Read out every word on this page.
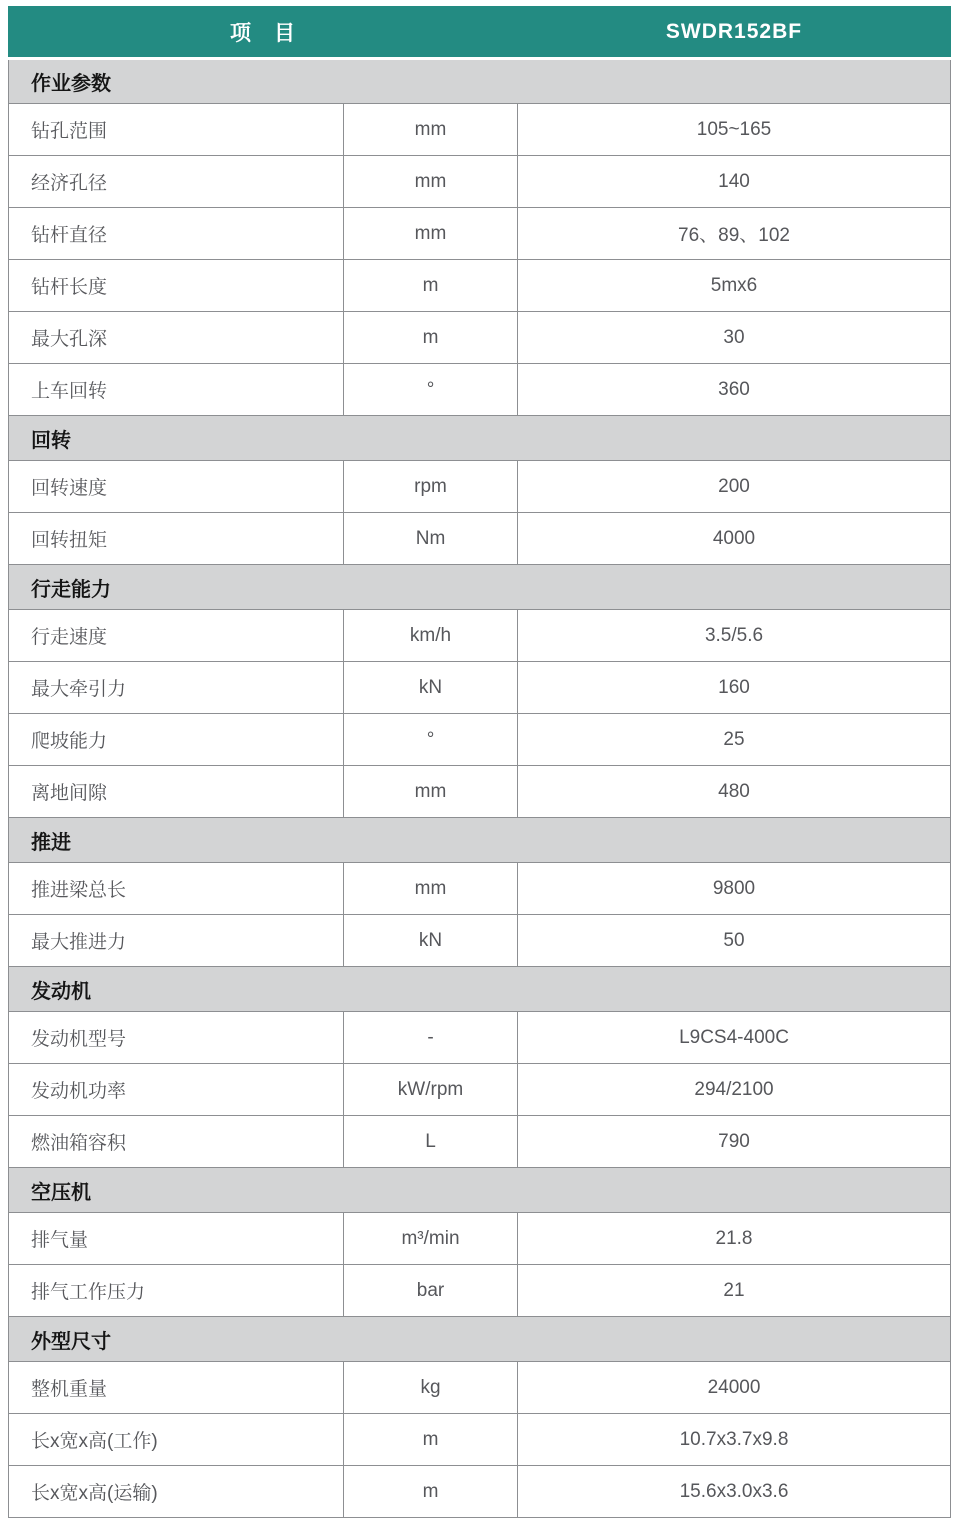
项　目		SWDR152BF
作业参数		
钻孔范围	mm	105~165
经济孔径	mm	140
钻杆直径	mm	76、89、102
钻杆长度	m	5mx6
最大孔深	m	30
上车回转	°	360
回转		
回转速度	rpm	200
回转扭矩	Nm	4000
行走能力		
行走速度	km/h	3.5/5.6
最大牵引力	kN	160
爬坡能力	°	25
离地间隙	mm	480
推进		
推进梁总长	mm	9800
最大推进力	kN	50
发动机		
发动机型号	-	L9CS4-400C
发动机功率	kW/rpm	294/2100
燃油箱容积	L	790
空压机		
排气量	m³/min	21.8
排气工作压力	bar	21
外型尺寸		
整机重量	kg	24000
长x宽x高(工作)	m	10.7x3.7x9.8
长x宽x高(运输)	m	15.6x3.0x3.6
